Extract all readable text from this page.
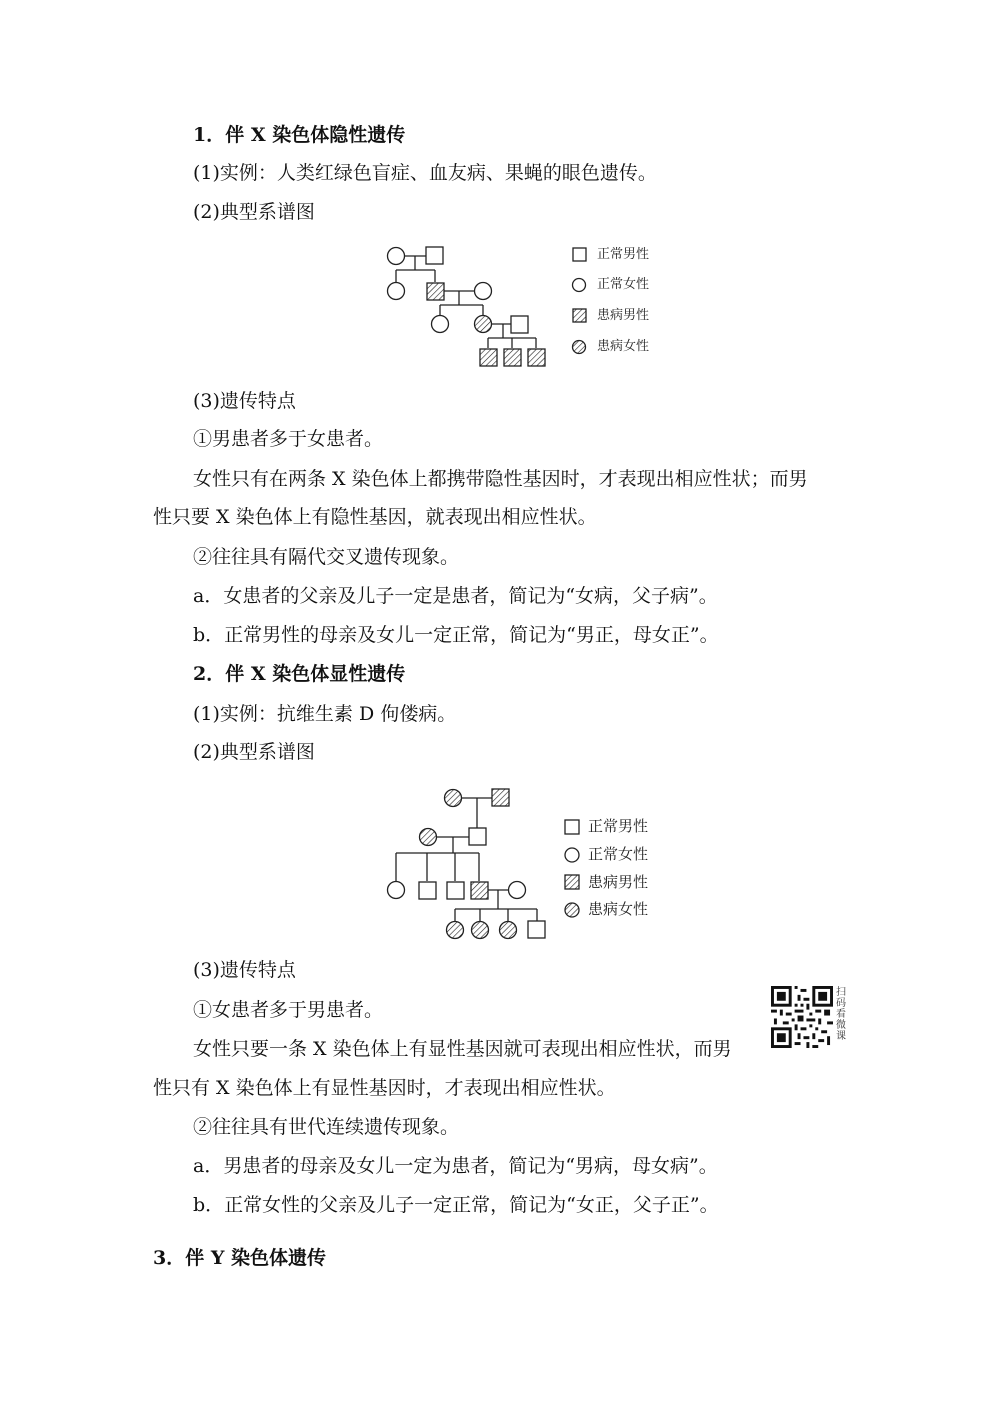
1．伴 X 染色体隐性遗传
(1)实例：人类红绿色盲症、血友病、果蝇的眼色遗传。
(2)典型系谱图
正常男性
正常女性
患病男性
患病女性
(3)遗传特点
①男患者多于女患者。
女性只有在两条 X 染色体上都携带隐性基因时，才表现出相应性状；而男
性只要 X 染色体上有隐性基因，就表现出相应性状。
②往往具有隔代交叉遗传现象。
a．女患者的父亲及儿子一定是患者，简记为“女病，父子病”。
b．正常男性的母亲及女儿一定正常，简记为“男正，母女正”。
2．伴 X 染色体显性遗传
(1)实例：抗维生素 D 佝偻病。
(2)典型系谱图
正常男性
正常女性
患病男性
患病女性
(3)遗传特点
①女患者多于男患者。
女性只要一条 X 染色体上有显性基因就可表现出相应性状，而男
性只有 X 染色体上有显性基因时，才表现出相应性状。
②往往具有世代连续遗传现象。
a．男患者的母亲及女儿一定为患者，简记为“男病，母女病”。
b．正常女性的父亲及儿子一定正常，简记为“女正，父子正”。
扫码看微课
3．伴 Y 染色体遗传
